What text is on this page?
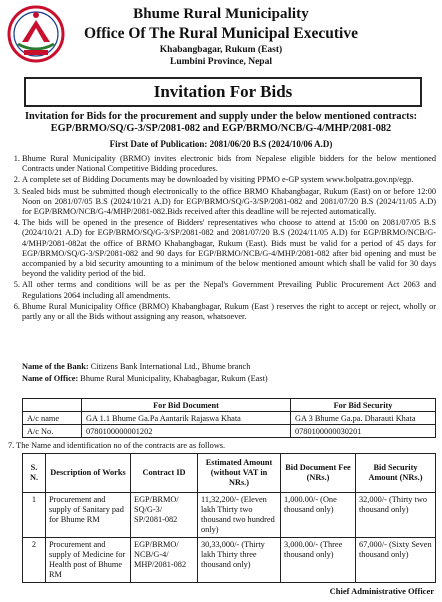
Bhume Rural Municipality
Office Of The Rural Municipal Executive
Khabangbagar, Rukum (East)
Lumbini Province, Nepal
Invitation For Bids
Invitation for Bids for the procurement and supply under the below mentioned contracts:
EGP/BRMO/SQ/G-3/SP/2081-082 and EGP/BRMO/NCB/G-4/MHP/2081-082
First Date of Publication: 2081/06/20 B.S (2024/10/06 A.D)
1. Bhume Rural Municipality (BRMO) invites electronic bids from Nepalese eligible bidders for the below mentioned Contracts under National Competitive Bidding procedures.
2. A complete set of Bidding Documents may be downloaded by visiting PPMO e-GP system www.bolpatra.gov.np/egp.
3. Sealed bids must be submitted though electronically to the office BRMO Khabangbagar, Rukum (East) on or before 12:00 Noon on 2081/07/05 B.S (2024/10/21 A.D) for EGP/BRMO/SQ/G-3/SP/2081-082 and 2081/07/20 B.S (2024/11/05 A.D) for EGP/BRMO/NCB/G-4/MHP/2081-082.Bids received after this deadline will be rejected automatically.
4. The bids will be opened in the presence of Bidders' representatives who choose to attend at 15:00 on 2081/07/05 B.S (2024/10/21 A.D) for EGP/BRMO/SQ/G-3/SP/2081-082 and 2081/07/20 B.S (2024/11/05 A.D) for EGP/BRMO/NCB/G-4/MHP/2081-082at the office of BRMO Khabangbagar, Rukum (East). Bids must be valid for a period of 45 days for EGP/BRMO/SQ/G-3/SP/2081-082 and 90 days for EGP/BRMO/NCB/G-4/MHP/2081-082 after bid opening and must be accompanied by a bid security amounting to a minimum of the below mentioned amount which shall be valid for 30 days beyond the validity period of the bid.
5. All other terms and conditions will be as per the Nepal's Government Prevailing Public Procurement Act 2063 and Regulations 2064 including all amendments.
6. Bhume Rural Municipality Office (BRMO) Khabangbagar, Rukum (East ) reserves the right to accept or reject, wholly or partly any or all the Bids without assigning any reason, whatsoever.
Name of the Bank: Citizens Bank International Ltd., Bhume branch
Name of Office: Bhume Rural Municipality, Khabagbagar, Rukum (East)
	For Bid Document	For Bid Security
A/c name	GA 1.1 Bhume Ga.Pa Aantarik Rajaswa Khata	GA 3 Bhume Ga.pa. Dharauti Khata
A/c No.	0780100000001202	0780100000030201
7. The Name and identification no of the contracts are as follows.
S. N.	Description of Works	Contract ID	Estimated Amount (without VAT in NRs.)	Bid Document Fee (NRs.)	Bid Security Amount (NRs.)
1	Procurement and supply of Sanitary pad for Bhume RM	EGP/BRMO/ SQ/G-3/ SP/2081-082	11,32,200/- (Eleven lakh Thirty two thousand two hundred only)	1,000.00/- (One thousand only)	32,000/- (Thirty two thousand only)
2	Procurement and supply of Medicine for Health post of Bhume RM	EGP/BRMO/ NCB/G-4/ MHP/2081-082	30,33,000/- (Thirty lakh Thirty three thousand only)	3,000.00/- (Three thousand only)	67,000/- (Sixty Seven thousand only)
Chief Administrative Officer
